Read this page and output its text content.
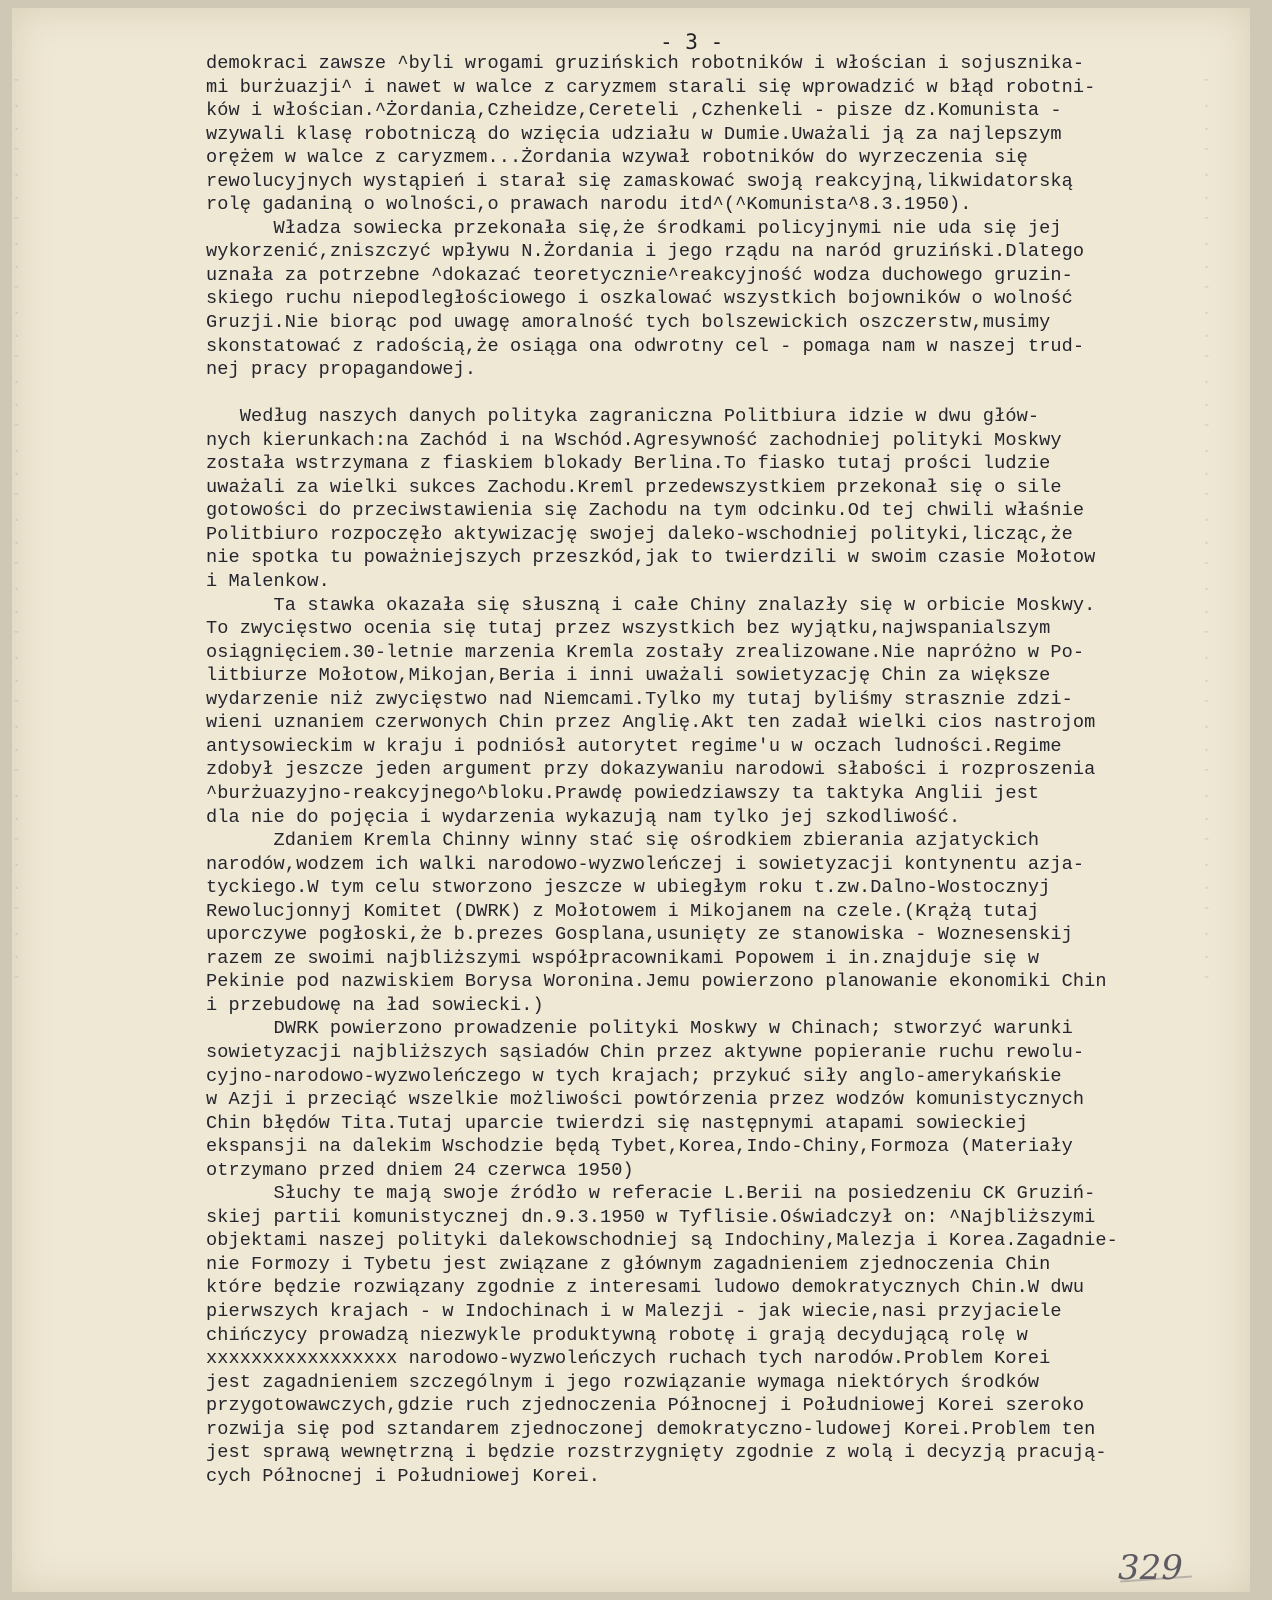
-
.
.
-
.
.
-
.
.
-
.
.
-
.
.
-
.
.
-
.
.
-
.
.
-
.
.
-
.
.
-
.
.
-
.
.
-
.
.
-

-
.
.
-
.
.
-
.
.
-
.
.
-
.
.
-
.
.
-
.
.
-
.
.
-
.
.
-
.
.
-
.
.
-
.
.
-
.
.
-

- 3 -
demokraci zawsze ^byli wrogami gruzińskich robotników i włościan i sojusznika-
mi burżuazji^ i nawet w walce z caryzmem starali się wprowadzić w błąd robotni-
ków i włościan.^Żordania,Czheidze,Cereteli ,Czhenkeli - pisze dz.Komunista -
wzywali klasę robotniczą do wzięcia udziału w Dumie.Uważali ją za najlepszym
orężem w walce z caryzmem...Żordania wzywał robotników do wyrzeczenia się
rewolucyjnych wystąpień i starał się zamaskować swoją reakcyjną,likwidatorską
rolę gadaniną o wolności,o prawach narodu itd^(^Komunista^8.3.1950).
Władza sowiecka przekonała się,że środkami policyjnymi nie uda się jej
wykorzenić,zniszczyć wpływu N.Żordania i jego rządu na naród gruziński.Dlatego
uznała za potrzebne ^dokazać teoretycznie^reakcyjność wodza duchowego gruzin-
skiego ruchu niepodległościowego i oszkalować wszystkich bojowników o wolność
Gruzji.Nie biorąc pod uwagę amoralność tych bolszewickich oszczerstw,musimy
skonstatować z radością,że osiąga ona odwrotny cel - pomaga nam w naszej trud-
nej pracy propagandowej.
Według naszych danych polityka zagraniczna Politbiura idzie w dwu głów-
nych kierunkach:na Zachód i na Wschód.Agresywność zachodniej polityki Moskwy
została wstrzymana z fiaskiem blokady Berlina.To fiasko tutaj prości ludzie
uważali za wielki sukces Zachodu.Kreml przedewszystkiem przekonał się o sile
gotowości do przeciwstawienia się Zachodu na tym odcinku.Od tej chwili właśnie
Politbiuro rozpoczęło aktywizację swojej daleko-wschodniej polityki,licząc,że
nie spotka tu poważniejszych przeszkód,jak to twierdzili w swoim czasie Mołotow
i Malenkow.
Ta stawka okazała się słuszną i całe Chiny znalazły się w orbicie Moskwy.
To zwycięstwo ocenia się tutaj przez wszystkich bez wyjątku,najwspanialszym
osiągnięciem.30-letnie marzenia Kremla zostały zrealizowane.Nie napróżno w Po-
litbiurze Mołotow,Mikojan,Beria i inni uważali sowietyzację Chin za większe
wydarzenie niż zwycięstwo nad Niemcami.Tylko my tutaj byliśmy strasznie zdzi-
wieni uznaniem czerwonych Chin przez Anglię.Akt ten zadał wielki cios nastrojom
antysowieckim w kraju i podniósł autorytet regime'u w oczach ludności.Regime
zdobył jeszcze jeden argument przy dokazywaniu narodowi słabości i rozproszenia
^burżuazyjno-reakcyjnego^bloku.Prawdę powiedziawszy ta taktyka Anglii jest
dla nie do pojęcia i wydarzenia wykazują nam tylko jej szkodliwość.
Zdaniem Kremla Chinny winny stać się ośrodkiem zbierania azjatyckich
narodów,wodzem ich walki narodowo-wyzwoleńczej i sowietyzacji kontynentu azja-
tyckiego.W tym celu stworzono jeszcze w ubiegłym roku t.zw.Dalno-Wostocznyj
Rewolucjonnyj Komitet (DWRK) z Mołotowem i Mikojanem na czele.(Krążą tutaj
uporczywe pogłoski,że b.prezes Gosplana,usunięty ze stanowiska - Woznesenskij
razem ze swoimi najbliższymi współpracownikami Popowem i in.znajduje się w
Pekinie pod nazwiskiem Borysa Woronina.Jemu powierzono planowanie ekonomiki Chin
i przebudowę na ład sowiecki.)
DWRK powierzono prowadzenie polityki Moskwy w Chinach; stworzyć warunki
sowietyzacji najbliższych sąsiadów Chin przez aktywne popieranie ruchu rewolu-
cyjno-narodowo-wyzwoleńczego w tych krajach; przykuć siły anglo-amerykańskie
w Azji i przeciąć wszelkie możliwości powtórzenia przez wodzów komunistycznych
Chin błędów Tita.Tutaj uparcie twierdzi się następnymi atapami sowieckiej
ekspansji na dalekim Wschodzie będą Tybet,Korea,Indo-Chiny,Formoza (Materiały
otrzymano przed dniem 24 czerwca 1950)
Słuchy te mają swoje źródło w referacie L.Berii na posiedzeniu CK Gruziń-
skiej partii komunistycznej dn.9.3.1950 w Tyflisie.Oświadczył on: ^Najbliższymi
objektami naszej polityki dalekowschodniej są Indochiny,Malezja i Korea.Zagadnie-
nie Formozy i Tybetu jest związane z głównym zagadnieniem zjednoczenia Chin
które będzie rozwiązany zgodnie z interesami ludowo demokratycznych Chin.W dwu
pierwszych krajach - w Indochinach i w Malezji - jak wiecie,nasi przyjaciele
chińczycy prowadzą niezwykle produktywną robotę i grają decydującą rolę w
xxxxxxxxxxxxxxxxx narodowo-wyzwoleńczych ruchach tych narodów.Problem Korei
jest zagadnieniem szczególnym i jego rozwiązanie wymaga niektórych środków
przygotowawczych,gdzie ruch zjednoczenia Północnej i Południowej Korei szeroko
rozwija się pod sztandarem zjednoczonej demokratyczno-ludowej Korei.Problem ten
jest sprawą wewnętrzną i będzie rozstrzygnięty zgodnie z wolą i decyzją pracują-
cych Północnej i Południowej Korei.
329
